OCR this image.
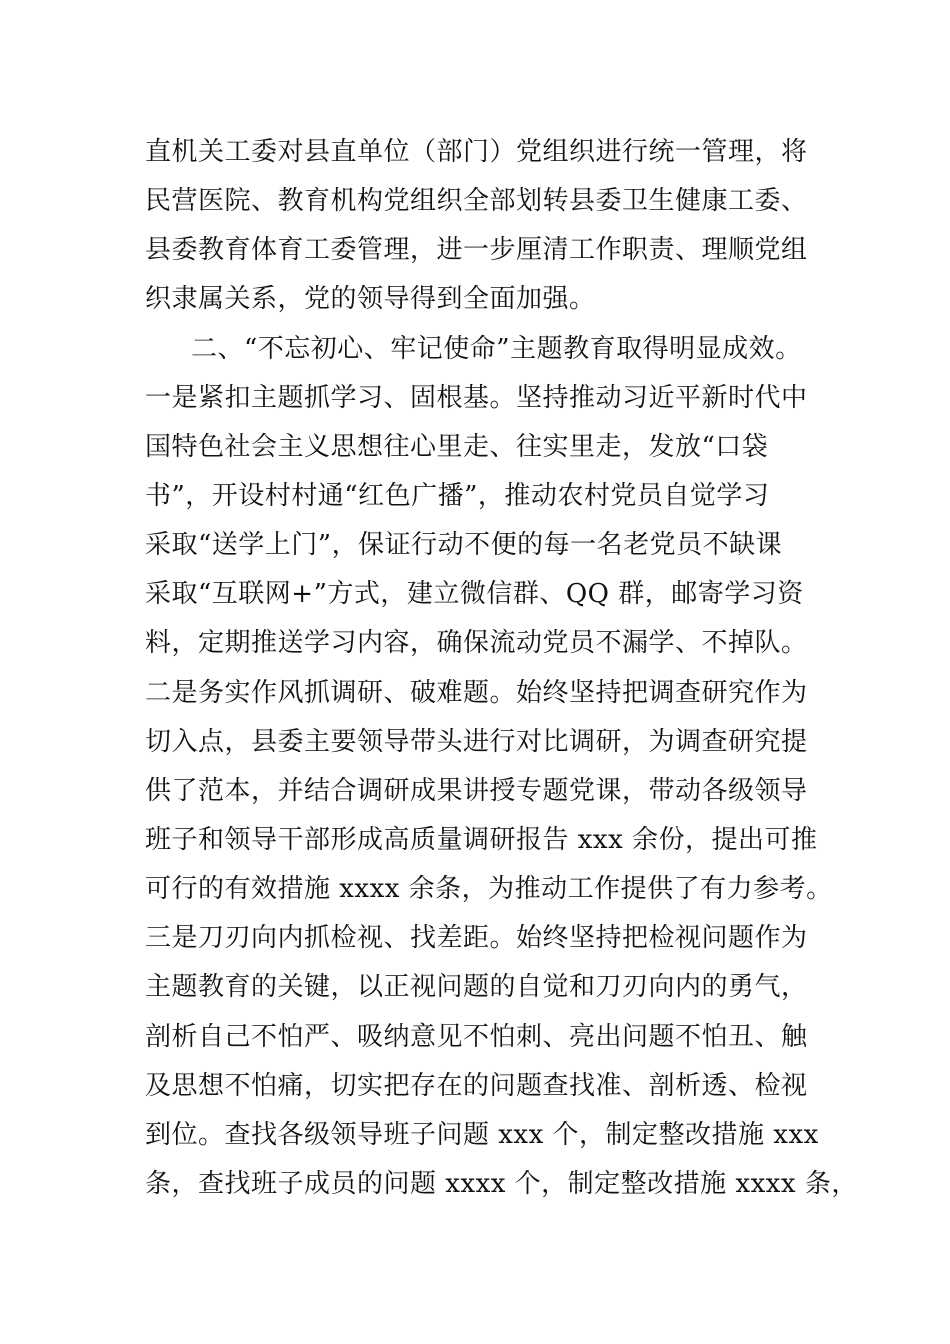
直机关工委对县直单位（部门）党组织进行统一管理，将
民营医院、教育机构党组织全部划转县委卫生健康工委、
县委教育体育工委管理，进一步厘清工作职责、理顺党组
织隶属关系，党的领导得到全面加强。
二、“不忘初心、牢记使命”主题教育取得明显成效。
一是紧扣主题抓学习、固根基。坚持推动习近平新时代中
国特色社会主义思想往心里走、往实里走，发放“口袋
书”，开设村村通“红色广播”，推动农村党员自觉学习
采取“送学上门”，保证行动不便的每一名老党员不缺课
采取“互联网+”方式，建立微信群、QQ 群，邮寄学习资
料，定期推送学习内容，确保流动党员不漏学、不掉队。
二是务实作风抓调研、破难题。始终坚持把调查研究作为
切入点，县委主要领导带头进行对比调研，为调查研究提
供了范本，并结合调研成果讲授专题党课，带动各级领导
班子和领导干部形成高质量调研报告 xxx 余份，提出可推
可行的有效措施 xxxx 余条，为推动工作提供了有力参考。
三是刀刃向内抓检视、找差距。始终坚持把检视问题作为
主题教育的关键，以正视问题的自觉和刀刃向内的勇气，
剖析自己不怕严、吸纳意见不怕刺、亮出问题不怕丑、触
及思想不怕痛，切实把存在的问题查找准、剖析透、检视
到位。查找各级领导班子问题 xxx 个，制定整改措施 xxx
条，查找班子成员的问题 xxxx 个，制定整改措施 xxxx 条，
